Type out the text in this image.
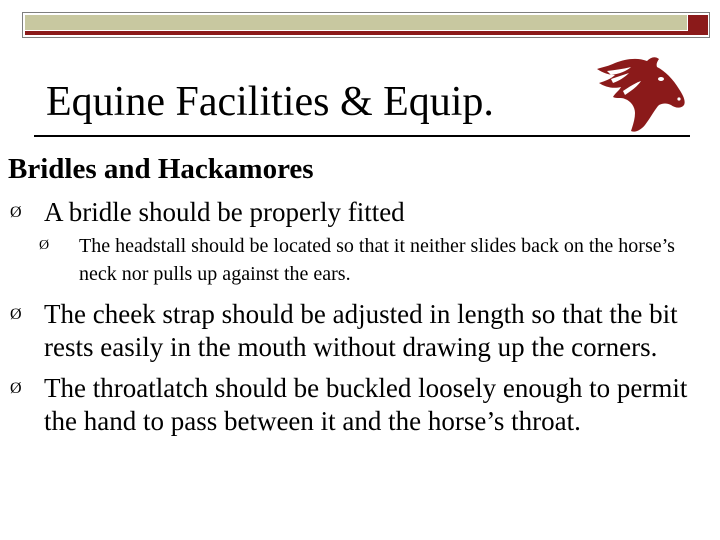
Equine Facilities & Equip.
Bridles and Hackamores
Ø A bridle should be properly fitted
Ø The headstall should be located so that it neither slides back on the horse’s neck nor pulls up against the ears.
Ø The cheek strap should be adjusted in length so that the bit rests easily in the mouth without drawing up the corners.
Ø The throatlatch should be buckled loosely enough to permit the hand to pass between it and the horse’s throat.
